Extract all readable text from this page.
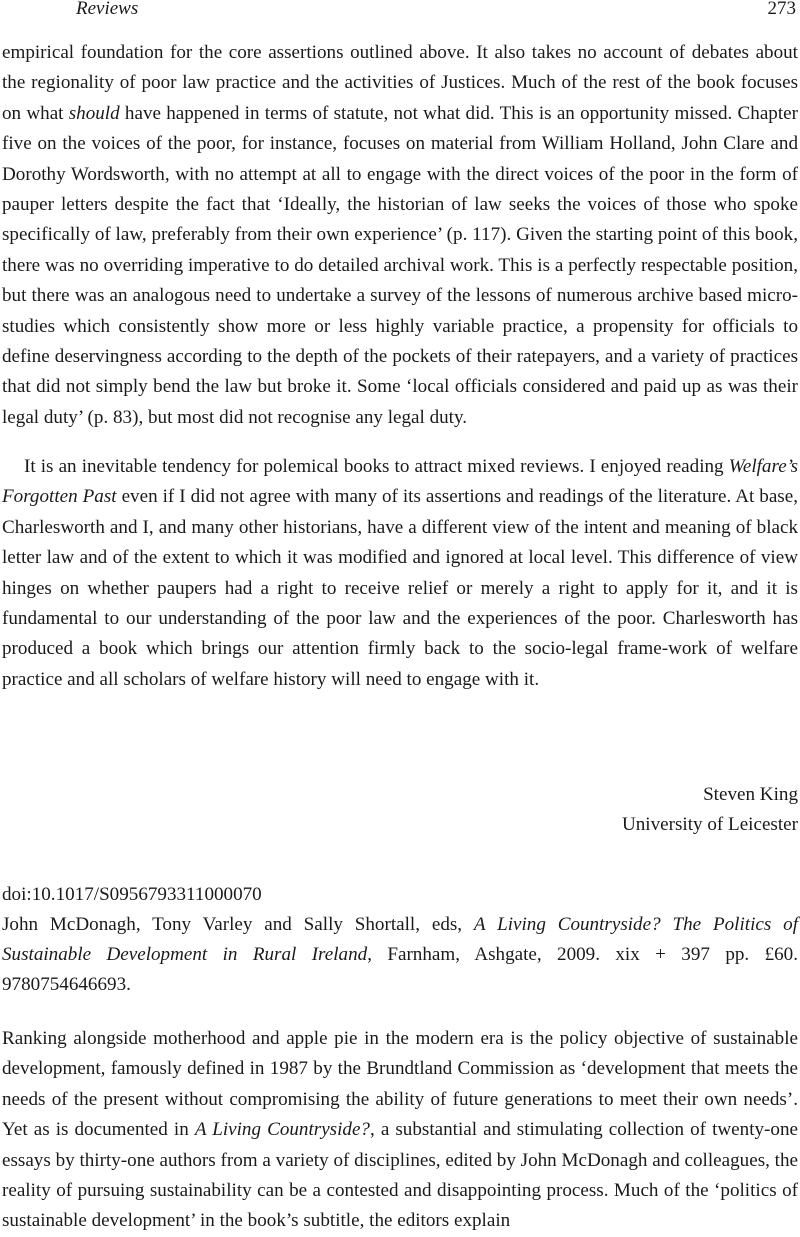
Reviews	273

empirical foundation for the core assertions outlined above. It also takes no account of debates about the regionality of poor law practice and the activities of Justices. Much of the rest of the book focuses on what should have happened in terms of statute, not what did. This is an opportunity missed. Chapter five on the voices of the poor, for instance, focuses on material from William Holland, John Clare and Dorothy Wordsworth, with no attempt at all to engage with the direct voices of the poor in the form of pauper letters despite the fact that ‘Ideally, the historian of law seeks the voices of those who spoke specifically of law, preferably from their own experience’ (p. 117). Given the starting point of this book, there was no overriding imperative to do detailed archival work. This is a perfectly respectable position, but there was an analogous need to undertake a survey of the lessons of numerous archive based micro-studies which consistently show more or less highly variable practice, a propensity for officials to define deservingness according to the depth of the pockets of their ratepayers, and a variety of practices that did not simply bend the law but broke it. Some ‘local officials considered and paid up as was their legal duty’ (p. 83), but most did not recognise any legal duty.

It is an inevitable tendency for polemical books to attract mixed reviews. I enjoyed reading Welfare’s Forgotten Past even if I did not agree with many of its assertions and readings of the literature. At base, Charlesworth and I, and many other historians, have a different view of the intent and meaning of black letter law and of the extent to which it was modified and ignored at local level. This difference of view hinges on whether paupers had a right to receive relief or merely a right to apply for it, and it is fundamental to our understanding of the poor law and the experiences of the poor. Charlesworth has produced a book which brings our attention firmly back to the socio-legal frame-work of welfare practice and all scholars of welfare history will need to engage with it.

Steven King
University of Leicester
doi:10.1017/S0956793311000070
John McDonagh, Tony Varley and Sally Shortall, eds, A Living Countryside? The Politics of Sustainable Development in Rural Ireland, Farnham, Ashgate, 2009. xix + 397 pp. £60. 9780754646693.

Ranking alongside motherhood and apple pie in the modern era is the policy objective of sustainable development, famously defined in 1987 by the Brundtland Commission as ‘development that meets the needs of the present without compromising the ability of future generations to meet their own needs’. Yet as is documented in A Living Countryside?, a substantial and stimulating collection of twenty-one essays by thirty-one authors from a variety of disciplines, edited by John McDonagh and colleagues, the reality of pursuing sustainability can be a contested and disappointing process. Much of the ‘politics of sustainable development’ in the book’s subtitle, the editors explain
